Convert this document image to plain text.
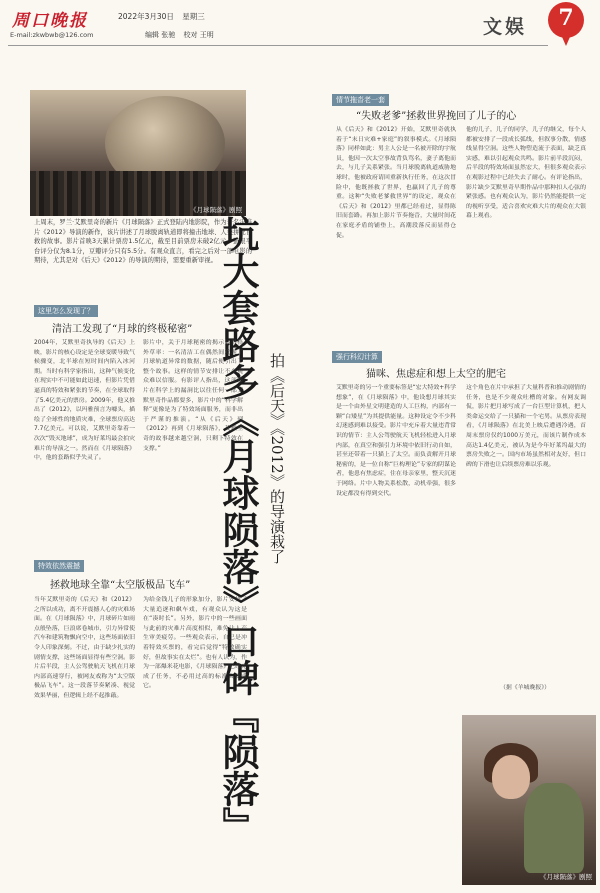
周口晚报
E-mail:zkwbwb@126.com
2022年3月30日 星期三
编辑 张驰 校对 王明	文娱	7
《月球陨落》剧照
上周末，罗兰·艾默里奇的新片《月球陨落》正式登陆内地影院，作为著名灾难片《2012》导演的新作，该片讲述了月球脱离轨道即将撞击地球、人类拼死自救的故事。影片首映3天累计票房1.5亿元，截至目前票房未破2亿元，猫眼平台评分仅为8.1分，豆瓣评分只有5.5分。有观众直言，看完之后对一部电影的期待，尤其是对《后天》《2012》的导演的期待，需要重新审视。 坑大套路多《月球陨落》口碑『陨落』 拍《后天》《2012》的导演栽了
情节拖沓老一套
“失败老爹”拯救世界挽回了儿子的心
从《后天》和《2012》开始，艾默里奇就执着于“末日灾难+家庭”的叙事模式。《月球陨落》同样如此：男主人公是一名被开除的宇航员，他因一次太空事故背负骂名，妻子离他而去，与儿子关系紧张。当月球脱离轨道威胁地球时，他被政府请回重新执行任务，在这次冒险中，他既拯救了世界，也赢回了儿子的尊重。这种“失败老爹救世界”的设定，观众在《后天》和《2012》里都已经看过，显得陈旧而套路。再加上影片节奏拖沓，大量时间花在家庭矛盾的铺垫上，高潮段落反而显得仓促。
他的儿子，儿子的同学，儿子的继父，每个人都被安排了一段成长弧线，但叙事分散，情感线显得空洞。这些人物塑造流于表面，缺乏真实感，难以引起观众共鸣。影片前半段沉闷，后半段的特效场面虽然宏大，但很多观众表示在观影过程中已经失去了耐心。有评论指出，影片缺少艾默里奇早期作品中那种扣人心弦的紧张感。也有观众认为，影片仍然能提供一定的视听享受，适合喜欢灾难大片的观众在大银幕上观看。
强行科幻计算
猫咪、焦虑症和想上太空的肥宅
艾默里奇的另一个重要标签是“宏大特效+科学想象”，在《月球陨落》中，他设想月球其实是一个由外星文明建造的人工巨构，内部有一颗“白矮星”为其提供能量。这种设定令不少科幻迷感到难以接受。影片中充斥着大量违背常识的情节：主人公驾驶航天飞机轻松进入月球内部，在真空和强引力环境中依旧行动自如，甚至还带着一只猫上了太空。而负责解开月球秘密的，是一位自称“巨构理论”专家的阴谋论者，他患有焦虑症，住在母亲家里，整天沉迷于网络。片中人物关系松散，动机牵强，很多设定都没有得到交代。
这个角色在片中承担了大量科普和推动剧情的任务，也是不少观众吐槽的对象。有网友调侃，影片把月球写成了一台巨型计算机，把人类命运交给了一只猫和一个宅男。从票房表现看，《月球陨落》在北美上映后遭遇冷遇，首周末票房仅约1000万美元，而该片制作成本高达1.4亿美元，被认为是今年好莱坞最大的票房失败之一。国内市场虽然相对友好，但口碑的下滑也让后续票房难以乐观。
（据《羊城晚报》）
这里怎么发现了？
清洁工发现了“月球的终极秘密”
2004年，艾默里奇执导的《后天》上映，影片的核心设定是全球变暖导致气候骤变，北半球在短时间内陷入冰河期。当时有科学家指出，这种气候变化在现实中不可能如此迅速，但影片凭借逼真的特效和紧张的节奏，在全球取得了5.4亿美元的票房。2009年，他又推出了《2012》，以玛雅预言为噱头，描绘了全球性的地质灾难，全球票房高达7.7亿美元。可以说，艾默里奇靠着一次次“毁灭地球”，成为好莱坞最会拍灾难片的导演之一。然而在《月球陨落》中，他的套路似乎失灵了。
影片中，关于月球秘密的揭示显得格外草率：一名清洁工在偶然间发现了月球轨道异常的数据，随后便引出了整个故事。这样的情节安排让不少观众难以信服。有影评人指出，这部影片在科学上的漏洞比以往任何一部艾默里奇作品都要多，影片中的“科学解释”更像是为了特效场面服务，而非出于严谨的推演。“从《后天》到《2012》再到《月球陨落》，艾默里奇的故事越来越空洞，只剩下特效在支撑。”
特效依然震撼
拯救地球全靠“太空版极品飞车”
当年艾默里奇的《后天》和《2012》之所以成功，离不开震撼人心的灾难场面。在《月球陨落》中，月球碎片如雨点般坠落，巨浪席卷城市，引力异常使汽车和建筑物飘向空中，这些场面依旧令人印象深刻。不过，由于缺少扎实的剧情支撑，这些场面显得有些空洞。影片后半段，主人公驾驶航天飞机在月球内部高速穿行，被网友戏称为“太空版极品飞车”。这一段落节奏紧凑、视觉效果华丽，但逻辑上经不起推敲。
为给金钱儿子的形象加分，影片安排了大量追逐和飙车戏，有观众认为这是在“凑时长”。另外，影片中的一些画面与此前的灾难片高度相似，难免让人产生审美疲劳。一些观众表示，自己是冲着特效买票的，看完后觉得“特效确实好，但故事实在太烂”。也有人认为，作为一部爆米花电影，《月球陨落》已经完成了任务，不必用过高的标准去要求它。
《月球陨落》剧照
